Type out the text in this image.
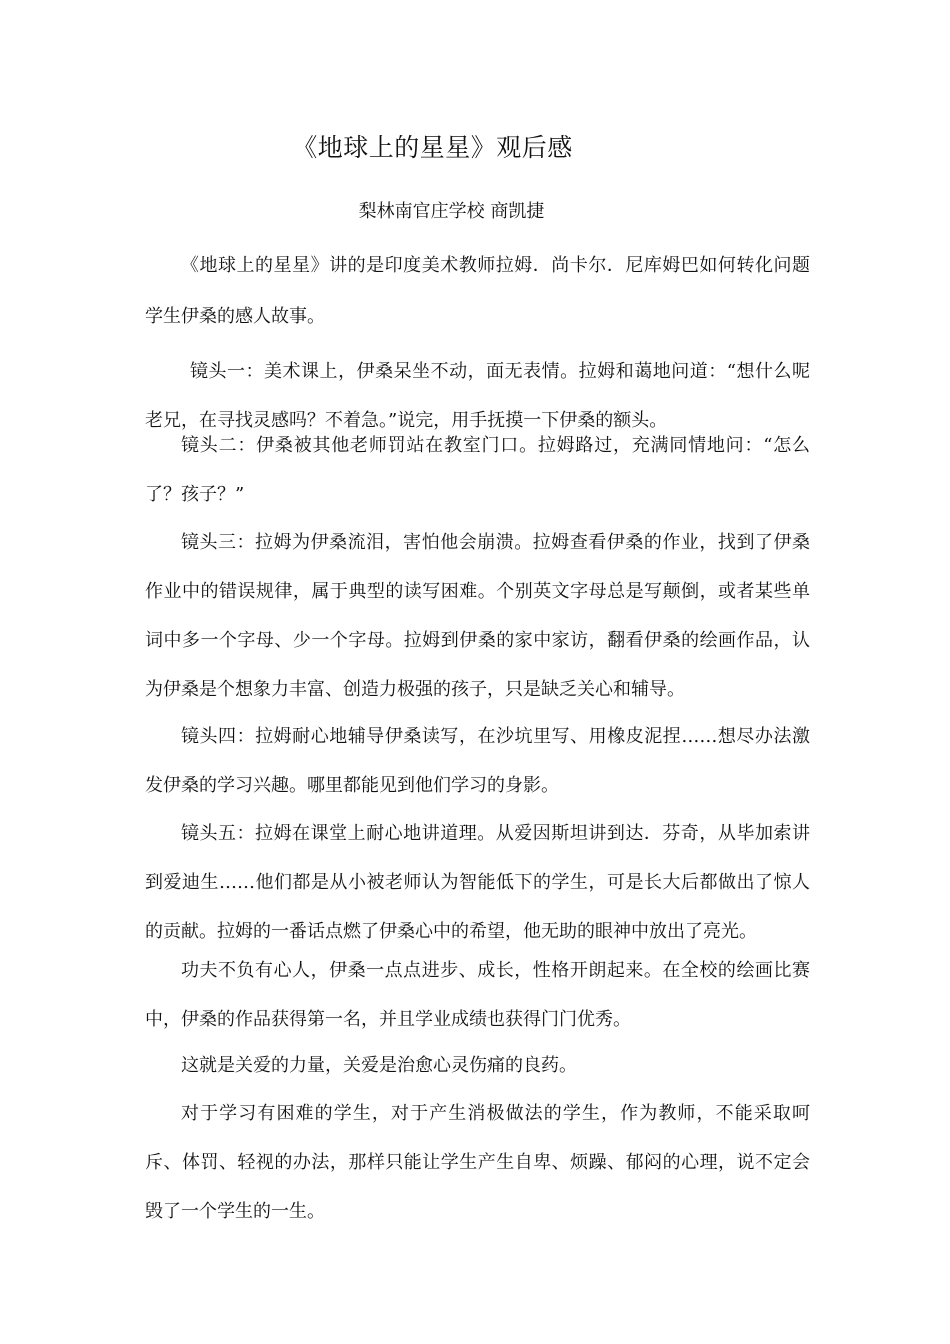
《地球上的星星》观后感
梨林南官庄学校 商凯捷

《地球上的星星》讲的是印度美术教师拉姆．尚卡尔．尼库姆巴如何转化问题学生伊桑的感人故事。

镜头一：美术课上，伊桑呆坐不动，面无表情。拉姆和蔼地问道：“想什么呢老兄，在寻找灵感吗？不着急。”说完，用手抚摸一下伊桑的额头。

镜头二：伊桑被其他老师罚站在教室门口。拉姆路过，充满同情地问：“怎么了？孩子？”

镜头三：拉姆为伊桑流泪，害怕他会崩溃。拉姆查看伊桑的作业，找到了伊桑作业中的错误规律，属于典型的读写困难。个别英文字母总是写颠倒，或者某些单词中多一个字母、少一个字母。拉姆到伊桑的家中家访，翻看伊桑的绘画作品，认为伊桑是个想象力丰富、创造力极强的孩子，只是缺乏关心和辅导。

镜头四：拉姆耐心地辅导伊桑读写，在沙坑里写、用橡皮泥捏……想尽办法激发伊桑的学习兴趣。哪里都能见到他们学习的身影。

镜头五：拉姆在课堂上耐心地讲道理。从爱因斯坦讲到达．芬奇，从毕加索讲到爱迪生……他们都是从小被老师认为智能低下的学生，可是长大后都做出了惊人的贡献。拉姆的一番话点燃了伊桑心中的希望，他无助的眼神中放出了亮光。

功夫不负有心人，伊桑一点点进步、成长，性格开朗起来。在全校的绘画比赛中，伊桑的作品获得第一名，并且学业成绩也获得门门优秀。

这就是关爱的力量，关爱是治愈心灵伤痛的良药。

对于学习有困难的学生，对于产生消极做法的学生，作为教师，不能采取呵斥、体罚、轻视的办法，那样只能让学生产生自卑、烦躁、郁闷的心理，说不定会毁了一个学生的一生。
